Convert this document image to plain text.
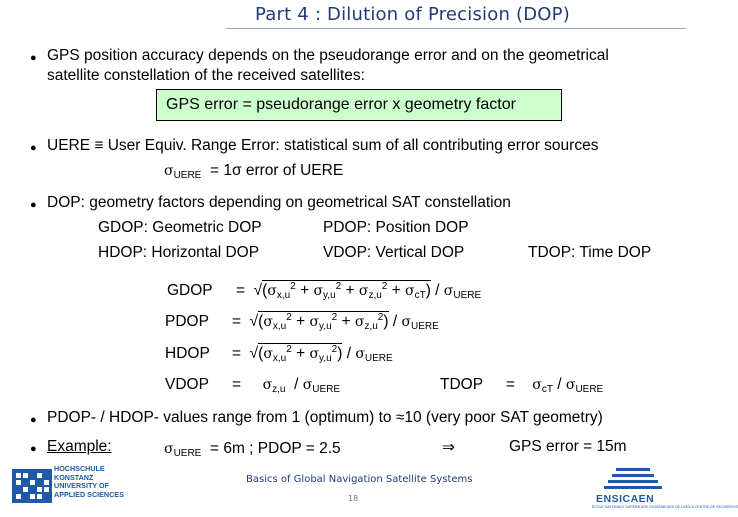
Part 4 : Dilution of Precision (DOP)
● GPS position accuracy depends on the pseudorange error and on the geometrical
satellite constellation of the received satellites:
GPS error = pseudorange error x geometry factor
● UERE ≡ User Equiv. Range Error: statistical sum of all contributing error sources
$\sigma_{UERE} = 1\sigma$ error of UERE
● DOP: geometry factors depending on geometrical SAT constellation
GDOP: Geometric DOP	PDOP: Position DOP
HDOP: Horizontal DOP	VDOP: Vertical DOP	TDOP: Time DOP
GDOP =  $√(\sigma_{x,u}^2 + \sigma_{y,u}^2 + \sigma_{z,u}^2 + \sigma_{cT}) / \sigma_{UERE}$
PDOP =  $√(\sigma_{x,u}^2 + \sigma_{y,u}^2 + \sigma_{z,u}^2) / \sigma_{UERE}$
HDOP =  $√(\sigma_{x,u}^2 + \sigma_{y,u}^2) / \sigma_{UERE}$
VDOP =     $\sigma_{z,u} / \sigma_{UERE}$	TDOP =    $\sigma_{cT} / \sigma_{UERE}$
● PDOP- / HDOP- values range from 1 (optimum) to ≈10 (very poor SAT geometry)
● Example:	$\sigma_{UERE} = 6m$ ; PDOP = 2.5	⇒	GPS error = 15m
HOCHSCHULE
KONSTANZ
UNIVERSITY OF
APPLIED SCIENCES
Basics of Global Navigation Satellite Systems
18	ENSICAEN
ÉCOLE NATIONALE SUPÉRIEURE D'INGÉNIEURS DE CAEN & CENTRE DE RECHERCHE
